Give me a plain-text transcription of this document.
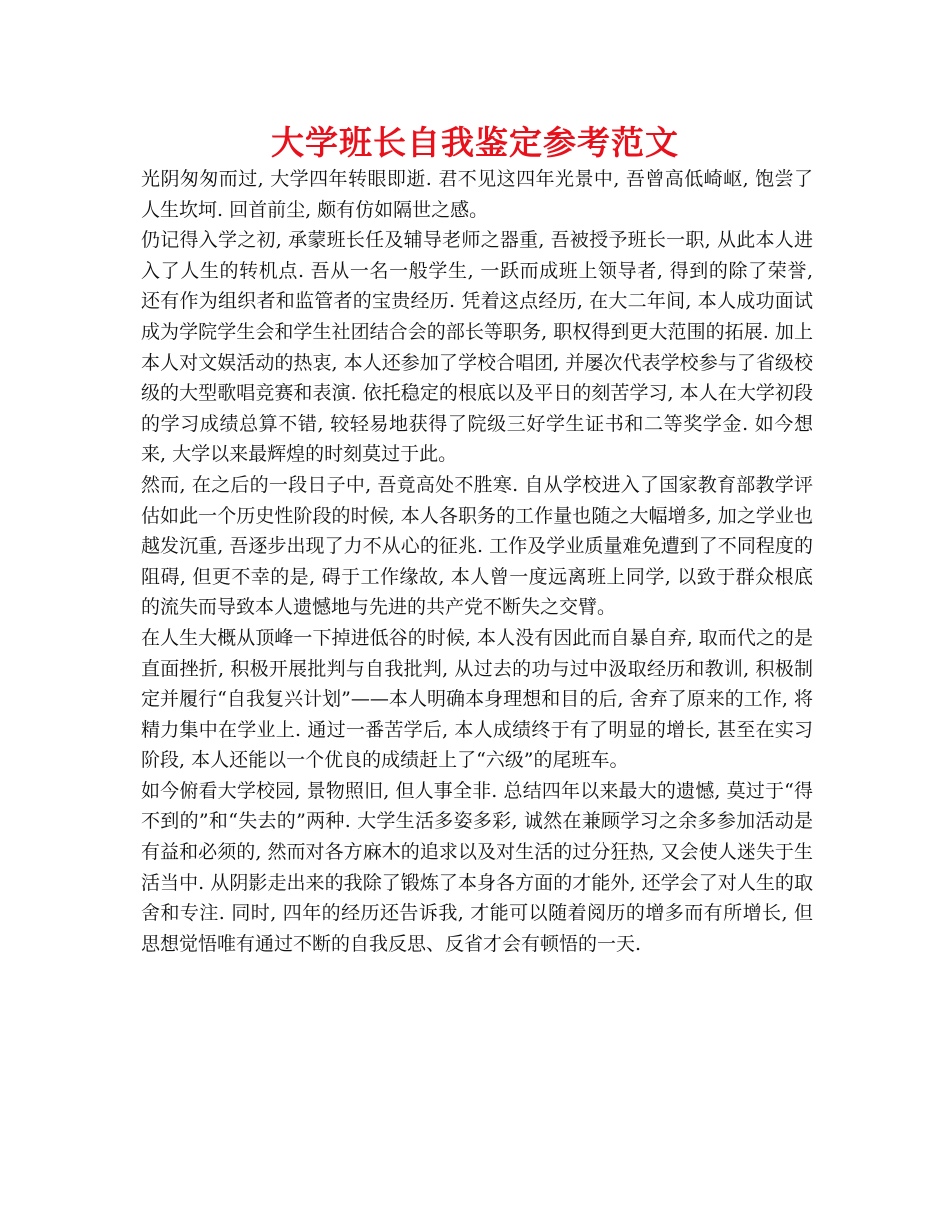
大学班长自我鉴定参考范文

光阴匆匆而过, 大学四年转眼即逝. 君不见这四年光景中, 吾曾高低崎岖, 饱尝了人生坎坷. 回首前尘, 颇有仿如隔世之感。

仍记得入学之初, 承蒙班长任及辅导老师之器重, 吾被授予班长一职, 从此本人进入了人生的转机点. 吾从一名一般学生, 一跃而成班上领导者, 得到的除了荣誉, 还有作为组织者和监管者的宝贵经历. 凭着这点经历, 在大二年间, 本人成功面试成为学院学生会和学生社团结合会的部长等职务, 职权得到更大范围的拓展. 加上本人对文娱活动的热衷, 本人还参加了学校合唱团, 并屡次代表学校参与了省级校级的大型歌唱竞赛和表演. 依托稳定的根底以及平日的刻苦学习, 本人在大学初段的学习成绩总算不错, 较轻易地获得了院级三好学生证书和二等奖学金. 如今想来, 大学以来最辉煌的时刻莫过于此。

然而, 在之后的一段日子中, 吾竟高处不胜寒. 自从学校进入了国家教育部教学评估如此一个历史性阶段的时候, 本人各职务的工作量也随之大幅增多, 加之学业也越发沉重, 吾逐步出现了力不从心的征兆. 工作及学业质量难免遭到了不同程度的阻碍, 但更不幸的是, 碍于工作缘故, 本人曾一度远离班上同学, 以致于群众根底的流失而导致本人遗憾地与先进的共产党不断失之交臂。

在人生大概从顶峰一下掉进低谷的时候, 本人没有因此而自暴自弃, 取而代之的是直面挫折, 积极开展批判与自我批判, 从过去的功与过中汲取经历和教训, 积极制定并履行“自我复兴计划”——本人明确本身理想和目的后, 舍弃了原来的工作, 将精力集中在学业上. 通过一番苦学后, 本人成绩终于有了明显的增长, 甚至在实习阶段, 本人还能以一个优良的成绩赶上了“六级”的尾班车。

如今俯看大学校园, 景物照旧, 但人事全非. 总结四年以来最大的遗憾, 莫过于“得不到的”和“失去的”两种. 大学生活多姿多彩, 诚然在兼顾学习之余多参加活动是有益和必须的, 然而对各方麻木的追求以及对生活的过分狂热, 又会使人迷失于生活当中. 从阴影走出来的我除了锻炼了本身各方面的才能外, 还学会了对人生的取舍和专注. 同时, 四年的经历还告诉我, 才能可以随着阅历的增多而有所增长, 但思想觉悟唯有通过不断的自我反思、反省才会有顿悟的一天.
